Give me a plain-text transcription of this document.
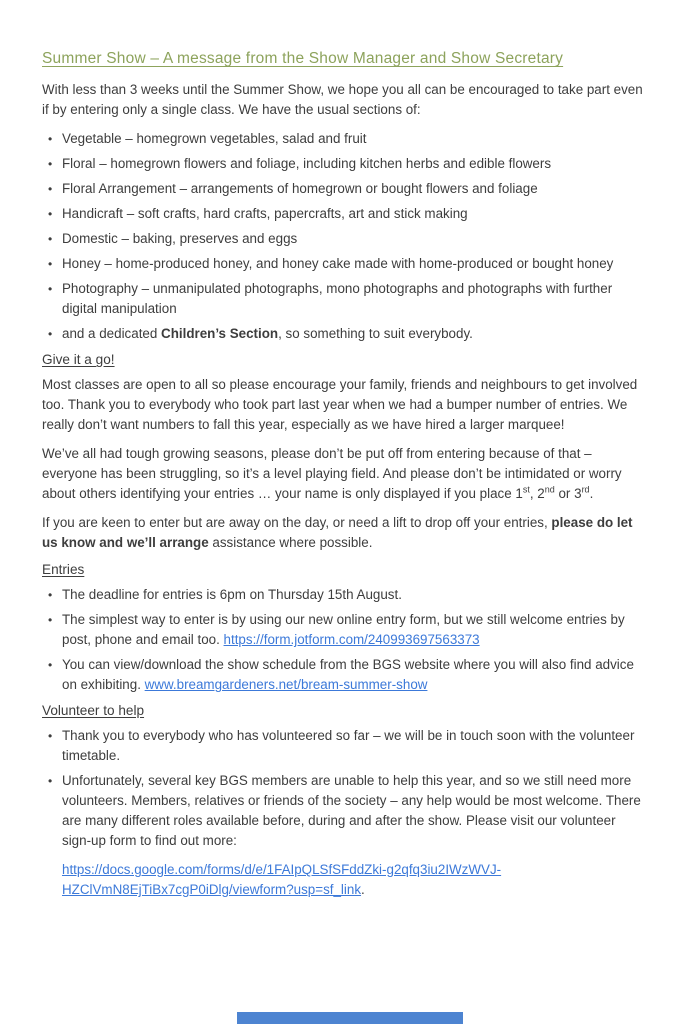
Summer Show – A message from the Show Manager and Show Secretary

With less than 3 weeks until the Summer Show, we hope you all can be encouraged to take part even if by entering only a single class. We have the usual sections of:

• Vegetable – homegrown vegetables, salad and fruit
• Floral – homegrown flowers and foliage, including kitchen herbs and edible flowers
• Floral Arrangement – arrangements of homegrown or bought flowers and foliage
• Handicraft – soft crafts, hard crafts, papercrafts, art and stick making
• Domestic – baking, preserves and eggs
• Honey – home-produced honey, and honey cake made with home-produced or bought honey
• Photography – unmanipulated photographs, mono photographs and photographs with further digital manipulation
• and a dedicated Children’s Section, so something to suit everybody.
Give it a go!

Most classes are open to all so please encourage your family, friends and neighbours to get involved too. Thank you to everybody who took part last year when we had a bumper number of entries. We really don’t want numbers to fall this year, especially as we have hired a larger marquee!

We’ve all had tough growing seasons, please don’t be put off from entering because of that – everyone has been struggling, so it’s a level playing field. And please don’t be intimidated or worry about others identifying your entries … your name is only displayed if you place 1st, 2nd or 3rd.

If you are keen to enter but are away on the day, or need a lift to drop off your entries, please do let us know and we’ll arrange assistance where possible.

Entries
• The deadline for entries is 6pm on Thursday 15th August.
• The simplest way to enter is by using our new online entry form, but we still welcome entries by post, phone and email too. https://form.jotform.com/240993697563373
• You can view/download the show schedule from the BGS website where you will also find advice on exhibiting. www.breamgardeners.net/bream-summer-show
Volunteer to help
• Thank you to everybody who has volunteered so far – we will be in touch soon with the volunteer timetable.
• Unfortunately, several key BGS members are unable to help this year, and so we still need more volunteers. Members, relatives or friends of the society – any help would be most welcome. There are many different roles available before, during and after the show. Please visit our volunteer sign-up form to find out more:

https://docs.google.com/forms/d/e/1FAIpQLSfSFddZki-g2qfq3iu2IWzWVJ-HZClVmN8EjTiBx7cgP0iDlg/viewform?usp=sf_link.
